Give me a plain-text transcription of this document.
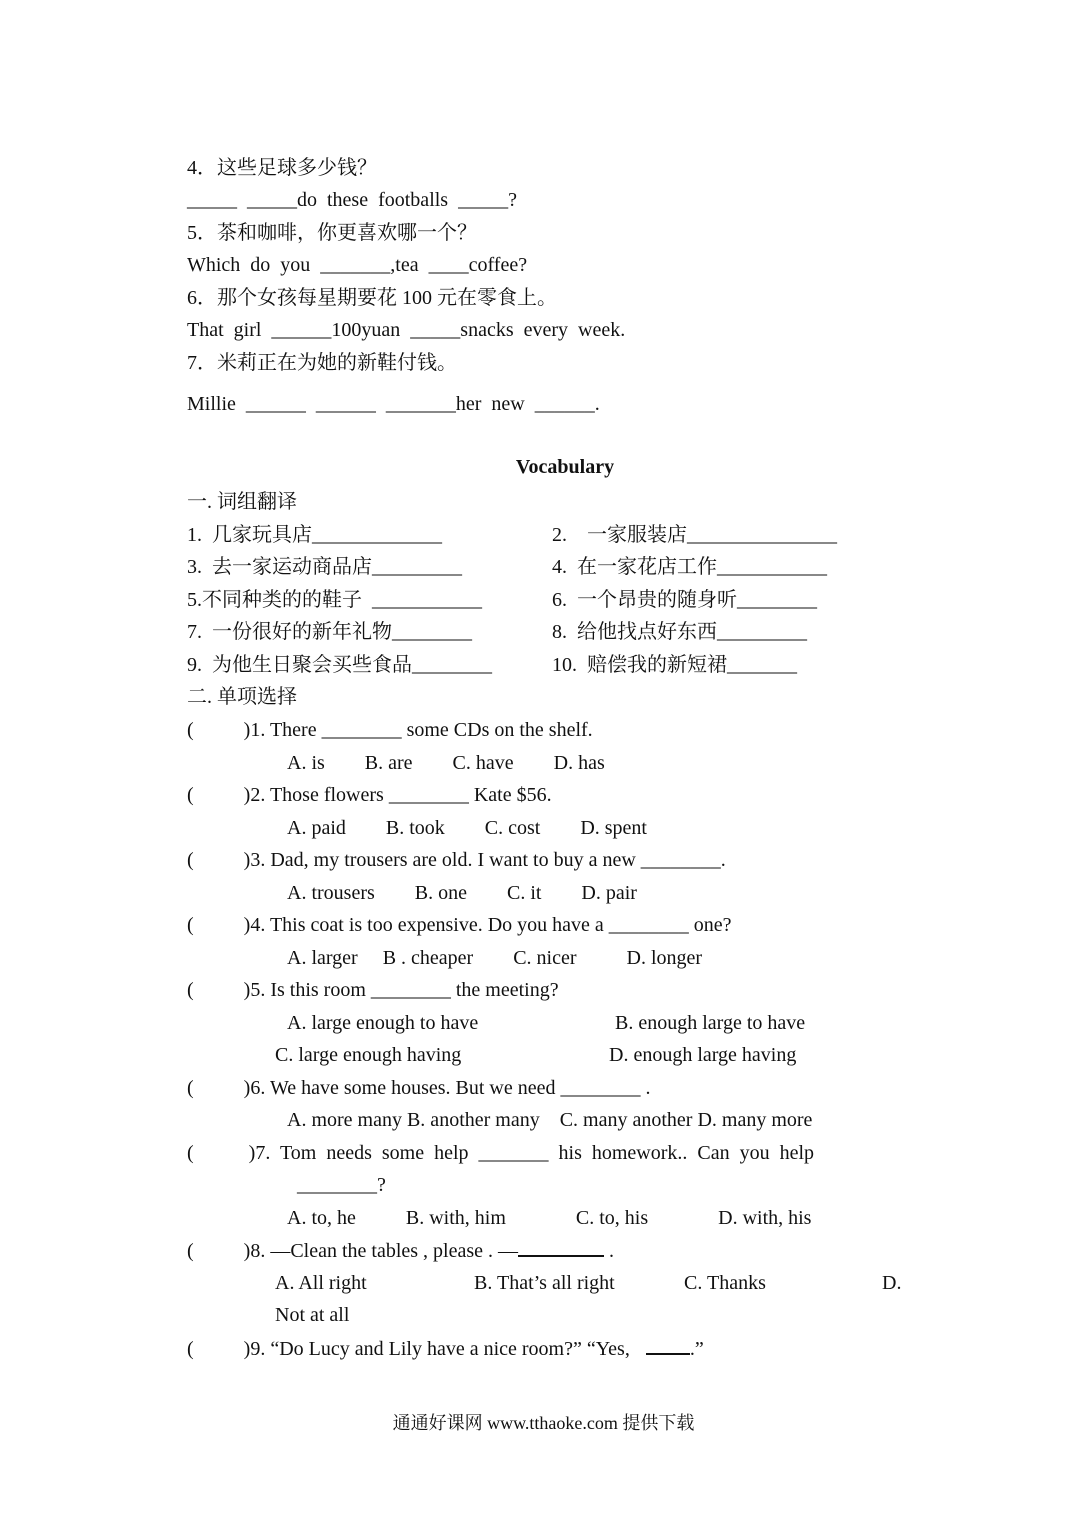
4．这些足球多少钱？
_____  _____do  these  footballs  _____?
5．茶和咖啡，你更喜欢哪一个？
Which  do  you  _______,tea  ____coffee?
6．那个女孩每星期要花 100 元在零食上。
That  girl  ______100yuan  _____snacks  every  week.
7．米莉正在为她的新鞋付钱。
Millie  ______  ______  _______her  new  ______.
Vocabulary
一. 词组翻译
1.  几家玩具店_____________	2.    一家服装店_______________
3.  去一家运动商品店_________	4.  在一家花店工作___________
5.不同种类的的鞋子  ___________	6.  一个昂贵的随身听________
7.  一份很好的新年礼物________	8.  给他找点好东西_________
9.  为他生日聚会买些食品________	10.  赔偿我的新短裙_______
二. 单项选择
(          )1. There ________ some CDs on the shelf.
A. is        B. are        C. have        D. has
(          )2. Those flowers ________ Kate $56.
A. paid        B. took        C. cost        D. spent
(          )3. Dad, my trousers are old. I want to buy a new ________.
A. trousers        B. one        C. it        D. pair
(          )4. This coat is too expensive. Do you have a ________ one?
A. larger     B . cheaper        C. nicer          D. longer
(          )5. Is this room ________ the meeting?
A. large enough to have	B. enough large to have
C. large enough having	D. enough large having
(          )6. We have some houses. But we need ________ .
A. more many B. another many    C. many another D. many more
(           )7.  Tom  needs  some  help  _______  his  homework..  Can  you  help
________?
A. to, he          B. with, him              C. to, his              D. with, his
(          )8. —Clean the tables , please . —	.
A. All right	B. That’s all right	C. Thanks	D.
Not at all
(          )9. “Do Lucy and Lily have a nice room?” “Yes,	.”
通通好课网 www.tthaoke.com 提供下载
